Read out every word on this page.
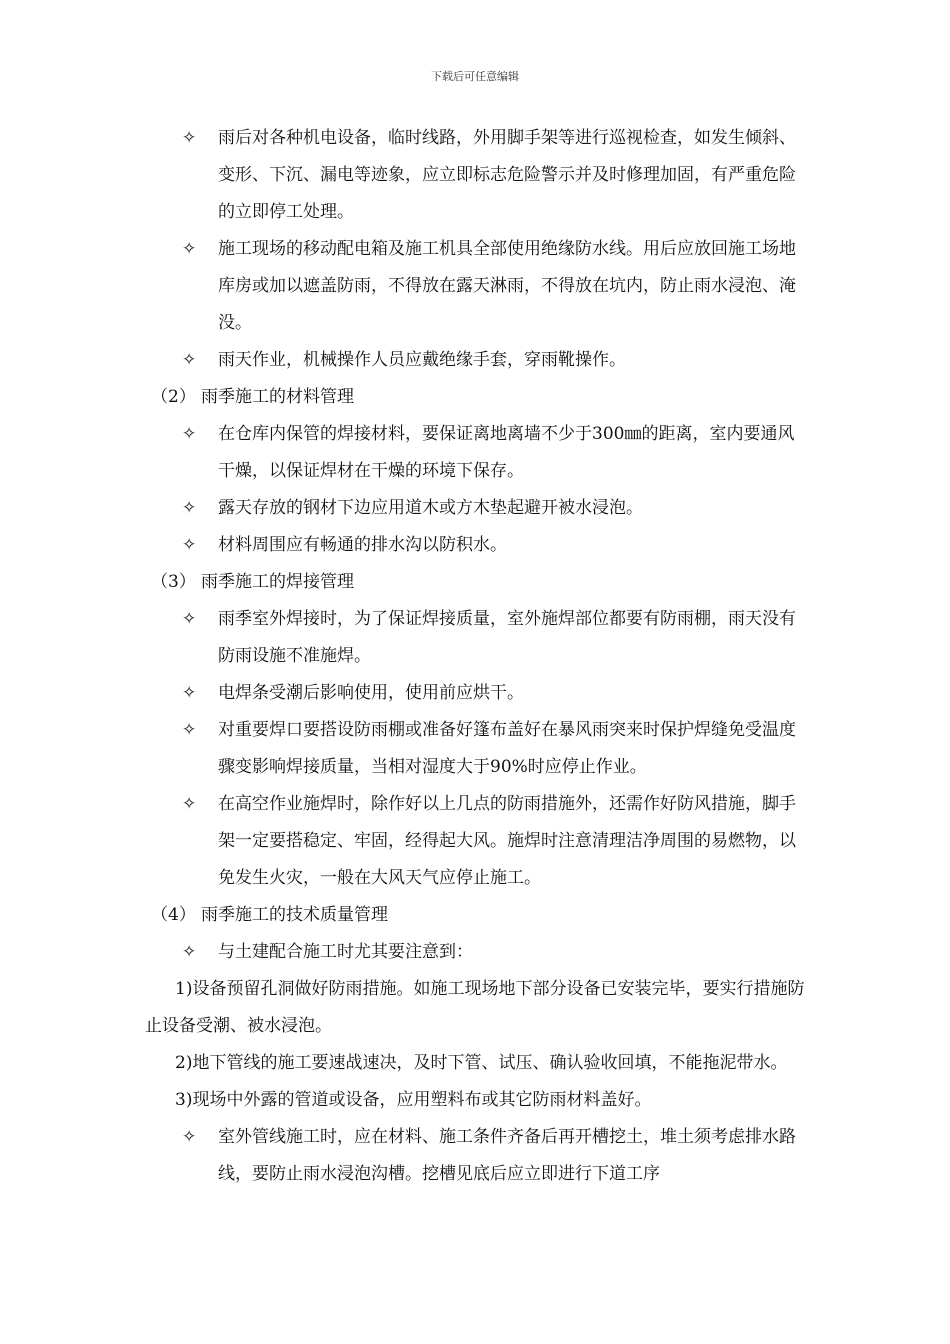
下载后可任意编辑
✧ 雨后对各种机电设备，临时线路，外用脚手架等进行巡视检查，如发生倾斜、变形、下沉、漏电等迹象，应立即标志危险警示并及时修理加固，有严重危险的立即停工处理。
✧ 施工现场的移动配电箱及施工机具全部使用绝缘防水线。用后应放回施工场地库房或加以遮盖防雨，不得放在露天淋雨，不得放在坑内，防止雨水浸泡、淹没。
✧ 雨天作业，机械操作人员应戴绝缘手套，穿雨靴操作。
（2） 雨季施工的材料管理
✧ 在仓库内保管的焊接材料，要保证离地离墙不少于300㎜的距离，室内要通风干燥，以保证焊材在干燥的环境下保存。
✧ 露天存放的钢材下边应用道木或方木垫起避开被水浸泡。
✧ 材料周围应有畅通的排水沟以防积水。
（3） 雨季施工的焊接管理
✧ 雨季室外焊接时，为了保证焊接质量，室外施焊部位都要有防雨棚，雨天没有防雨设施不准施焊。
✧ 电焊条受潮后影响使用，使用前应烘干。
✧ 对重要焊口要搭设防雨棚或准备好篷布盖好在暴风雨突来时保护焊缝免受温度骤变影响焊接质量，当相对湿度大于90%时应停止作业。
✧ 在高空作业施焊时，除作好以上几点的防雨措施外，还需作好防风措施，脚手架一定要搭稳定、牢固，经得起大风。施焊时注意清理洁净周围的易燃物，以免发生火灾，一般在大风天气应停止施工。
（4） 雨季施工的技术质量管理
✧ 与土建配合施工时尤其要注意到：
1)设备预留孔洞做好防雨措施。如施工现场地下部分设备已安装完毕，要实行措施防止设备受潮、被水浸泡。
2)地下管线的施工要速战速决，及时下管、试压、确认验收回填，不能拖泥带水。
3)现场中外露的管道或设备，应用塑料布或其它防雨材料盖好。
✧ 室外管线施工时，应在材料、施工条件齐备后再开槽挖土，堆土须考虑排水路线，要防止雨水浸泡沟槽。挖槽见底后应立即进行下道工序
